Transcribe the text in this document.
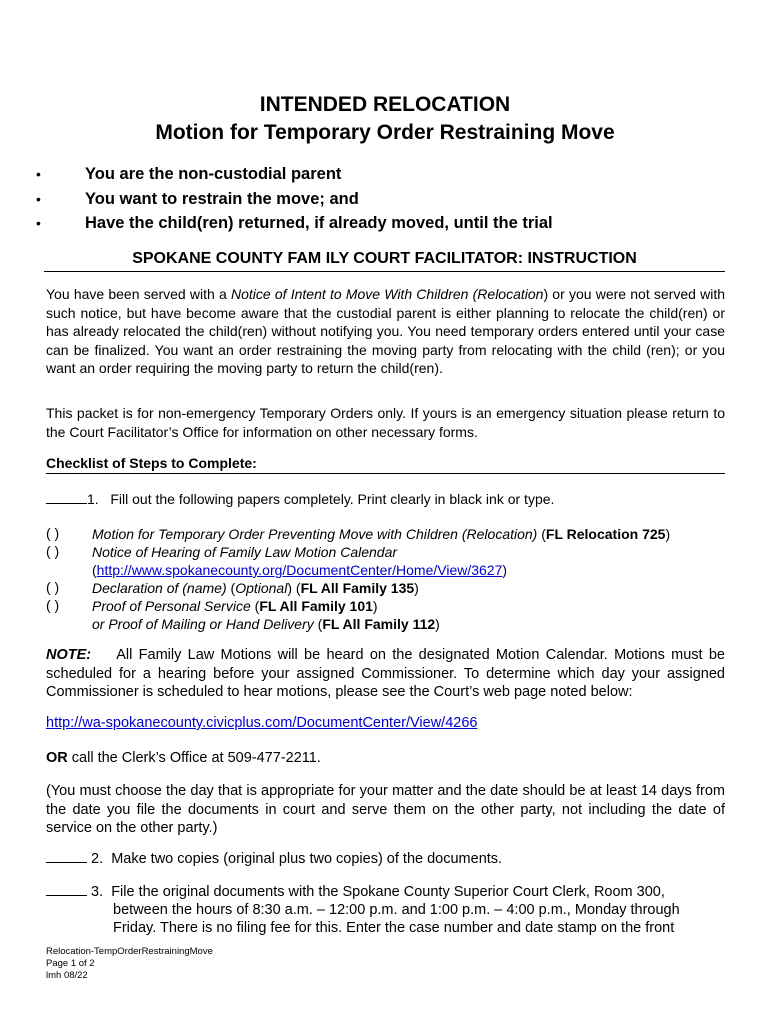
INTENDED RELOCATION
Motion for Temporary Order Restraining Move
•	You are the non-custodial parent
•	You want to restrain the move; and
•	Have the child(ren) returned, if already moved, until the trial
SPOKANE COUNTY FAM ILY COURT FACILITATOR: INSTRUCTION
You have been served with a Notice of Intent to Move With Children (Relocation) or you were not served with such notice, but have become aware that the custodial parent is either planning to relocate the child(ren) or has already relocated the child(ren) without notifying you. You need temporary orders entered until your case can be finalized. You want an order restraining the moving party from relocating with the child (ren); or you want an order requiring the moving party to return the child(ren).
This packet is for non-emergency Temporary Orders only. If yours is an emergency situation please return to the Court Facilitator’s Office for information on other necessary forms.
Checklist of Steps to Complete:
1. Fill out the following papers completely. Print clearly in black ink or type.
( ) Motion for Temporary Order Preventing Move with Children (Relocation) (FL Relocation 725)
( ) Notice of Hearing of Family Law Motion Calendar
(http://www.spokanecounty.org/DocumentCenter/Home/View/3627)
( ) Declaration of (name) (Optional) (FL All Family 135)
( ) Proof of Personal Service (FL All Family 101)
or Proof of Mailing or Hand Delivery (FL All Family 112)
NOTE: All Family Law Motions will be heard on the designated Motion Calendar. Motions must be scheduled for a hearing before your assigned Commissioner. To determine which day your assigned Commissioner is scheduled to hear motions, please see the Court’s web page noted below:
http://wa-spokanecounty.civicplus.com/DocumentCenter/View/4266
OR call the Clerk’s Office at 509-477-2211.
(You must choose the day that is appropriate for your matter and the date should be at least 14 days from the date you file the documents in court and serve them on the other party, not including the date of service on the other party.)
2. Make two copies (original plus two copies) of the documents.
3. File the original documents with the Spokane County Superior Court Clerk, Room 300,
between the hours of 8:30 a.m. – 12:00 p.m. and 1:00 p.m. – 4:00 p.m., Monday through
Friday. There is no filing fee for this. Enter the case number and date stamp on the front
Relocation-TempOrderRestrainingMove
Page 1 of 2
lmh 08/22
